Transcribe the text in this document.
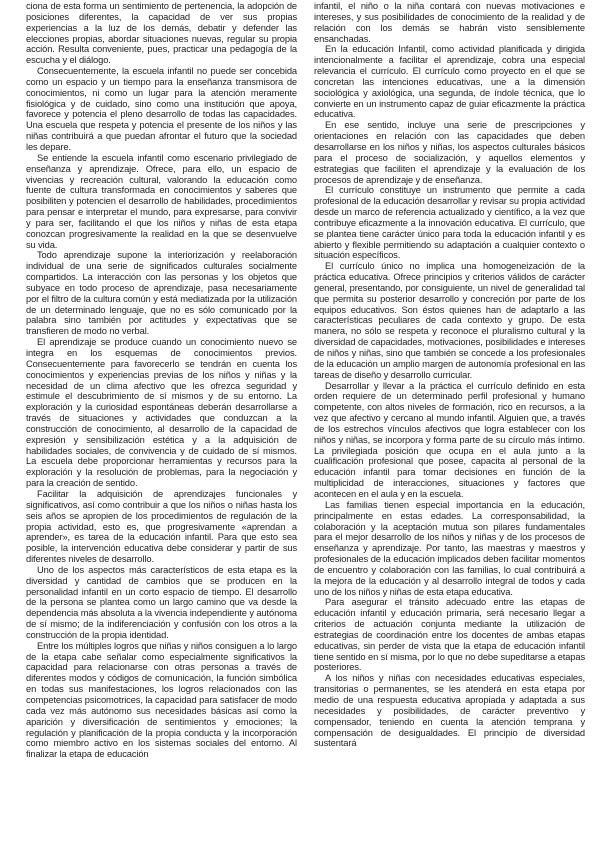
ciona de esta forma un sentimiento de pertenencia, la adopción de posiciones diferentes, la capacidad de ver sus propias experiencias a la luz de los demás, debatir y defender las elecciones propias, abordar situaciones nuevas, regular su propia acción. Resulta conveniente, pues, practicar una pedagogía de la escucha y el diálogo.

Consecuentemente, la escuela infantil no puede ser concebida como un espacio y un tiempo para la enseñanza transmisora de conocimientos, ni como un lugar para la atención meramente fisiológica y de cuidado, sino como una institución que apoya, favorece y potencia el pleno desarrollo de todas las capacidades. Una escuela que respeta y potencia el presente de los niños y las niñas contribuirá a que puedan afrontar el futuro que la sociedad les depare.

Se entiende la escuela infantil como escenario privilegiado de enseñanza y aprendizaje. Ofrece, para ello, un espacio de vivencias y recreación cultural, valorando la educación como fuente de cultura transformada en conocimientos y saberes que posibiliten y potencien el desarrollo de habilidades, procedimientos para pensar e interpretar el mundo, para expresarse, para convivir y para ser, facilitando el que los niños y niñas de esta etapa conozcan progresivamente la realidad en la que se desenvuelve su vida.

Todo aprendizaje supone la interiorización y reelaboración individual de una serie de significados culturales socialmente compartidos. La interacción con las personas y los objetos que subyace en todo proceso de aprendizaje, pasa necesariamente por el filtro de la cultura común y está mediatizada por la utilización de un determinado lenguaje, que no es sólo comunicado por la palabra sino también por actitudes y expectativas que se transfieren de modo no verbal.

El aprendizaje se produce cuando un conocimiento nuevo se integra en los esquemas de conocimientos previos. Consecuentemente para favorecerlo se tendrán en cuenta los conocimientos y experiencias previas de los niños y niñas y la necesidad de un clima afectivo que les ofrezca seguridad y estimule el descubrimiento de sí mismos y de su entorno. La exploración y la curiosidad espontáneas deberán desarrollarse a través de situaciones y actividades que conduzcan a la construcción de conocimiento, al desarrollo de la capacidad de expresión y sensibilización estética y a la adquisición de habilidades sociales, de convivencia y de cuidado de sí mismos. La escuela debe proporcionar herramientas y recursos para la exploración y la resolución de problemas, para la negociación y para la creación de sentido.

Facilitar la adquisición de aprendizajes funcionales y significativos, así como contribuir a que los niños o niñas hasta los seis años se apropien de los procedimientos de regulación de la propia actividad, esto es, que progresivamente «aprendan a aprender», es tarea de la educación infantil. Para que esto sea posible, la intervención educativa debe considerar y partir de sus diferentes niveles de desarrollo.

Uno de los aspectos más característicos de esta etapa es la diversidad y cantidad de cambios que se producen en la personalidad infantil en un corto espacio de tiempo. El desarrollo de la persona se plantea como un largo camino que va desde la dependencia más absoluta a la vivencia independiente y autónoma de sí mismo; de la indiferenciación y confusión con los otros a la construcción de la propia identidad.

Entre los múltiples logros que niñas y niños consiguen a lo largo de la etapa cabe señalar como especialmente significativos la capacidad para relacionarse con otras personas a través de diferentes modos y códigos de comunicación, la función simbólica en todas sus manifestaciones, los logros relacionados con las competencias psicomotrices, la capacidad para satisfacer de modo cada vez más autónomo sus necesidades básicas así como la aparición y diversificación de sentimientos y emociones; la regulación y planificación de la propia conducta y la incorporación como miembro activo en los sistemas sociales del entorno. Al finalizar la etapa de educación

infantil, el niño o la niña contará con nuevas motivaciones e intereses, y sus posibilidades de conocimiento de la realidad y de relación con los demás se habrán visto sensiblemente ensanchadas.

En la educación Infantil, como actividad planificada y dirigida intencionalmente a facilitar el aprendizaje, cobra una especial relevancia el currículo. El currículo como proyecto en el que se concretan las intenciones educativas, une a la dimensión sociológica y axiológica, una segunda, de índole técnica, que lo convierte en un instrumento capaz de guiar eficazmente la práctica educativa.

En ese sentido, incluye una serie de prescripciones y orientaciones en relación con las capacidades que deben desarrollarse en los niños y niñas, los aspectos culturales básicos para el proceso de socialización, y aquellos elementos y estrategias que faciliten el aprendizaje y la evaluación de los procesos de aprendizaje y de enseñanza.

El currículo constituye un instrumento que permite a cada profesional de la educación desarrollar y revisar su propia actividad desde un marco de referencia actualizado y científico, a la vez que contribuye eficazmente a la innovación educativa. El currículo, que se plantea tiene carácter único para toda la educación infantil y es abierto y flexible permitiendo su adaptación a cualquier contexto o situación específicos.

El currículo único no implica una homogeneización de la práctica educativa. Ofrece principios y criterios válidos de carácter general, presentando, por consiguiente, un nivel de generalidad tal que permita su posterior desarrollo y concreción por parte de los equipos educativos. Son éstos quienes han de adaptarlo a las características peculiares de cada contexto y grupo. De esta manera, no sólo se respeta y reconoce el pluralismo cultural y la diversidad de capacidades, motivaciones, posibilidades e intereses de niños y niñas, sino que también se concede a los profesionales de la educación un amplio margen de autonomía profesional en las tareas de diseño y desarrollo curricular.

Desarrollar y llevar a la práctica el currículo definido en esta orden requiere de un determinado perfil profesional y humano competente, con altos niveles de formación, rico en recursos, a la vez que afectivo y cercano al mundo infantil. Alguien que, a través de los estrechos vínculos afectivos que logra establecer con los niños y niñas, se incorpora y forma parte de su círculo más íntimo. La privilegiada posición que ocupa en el aula junto a la cualificación profesional que posee, capacita al personal de la educación infantil para tomar decisiones en función de la multiplicidad de interacciones, situaciones y factores que acontecen en el aula y en la escuela.

Las familias tienen especial importancia en la educación, principalmente en estas edades. La corresponsabilidad, la colaboración y la aceptación mutua son pilares fundamentales para el mejor desarrollo de los niños y niñas y de los procesos de enseñanza y aprendizaje. Por tanto, las maestras y maestros y profesionales de la educación implicados deben facilitar momentos de encuentro y colaboración con las familias, lo cual contribuirá a la mejora de la educación y al desarrollo integral de todos y cada uno de los niños y niñas de esta etapa educativa.

Para asegurar el tránsito adecuado entre las etapas de educación infantil y educación primaria, será necesario llegar a criterios de actuación conjunta mediante la utilización de estrategias de coordinación entre los docentes de ambas etapas educativas, sin perder de vista que la etapa de educación infantil tiene sentido en sí misma, por lo que no debe supeditarse a etapas posteriores.

A los niños y niñas con necesidades educativas especiales, transitorias o permanentes, se les atenderá en esta etapa por medio de una respuesta educativa apropiada y adaptada a sus necesidades y posibilidades, de carácter preventivo y compensador, teniendo en cuenta la atención temprana y compensación de desigualdades. El principio de diversidad sustentará
